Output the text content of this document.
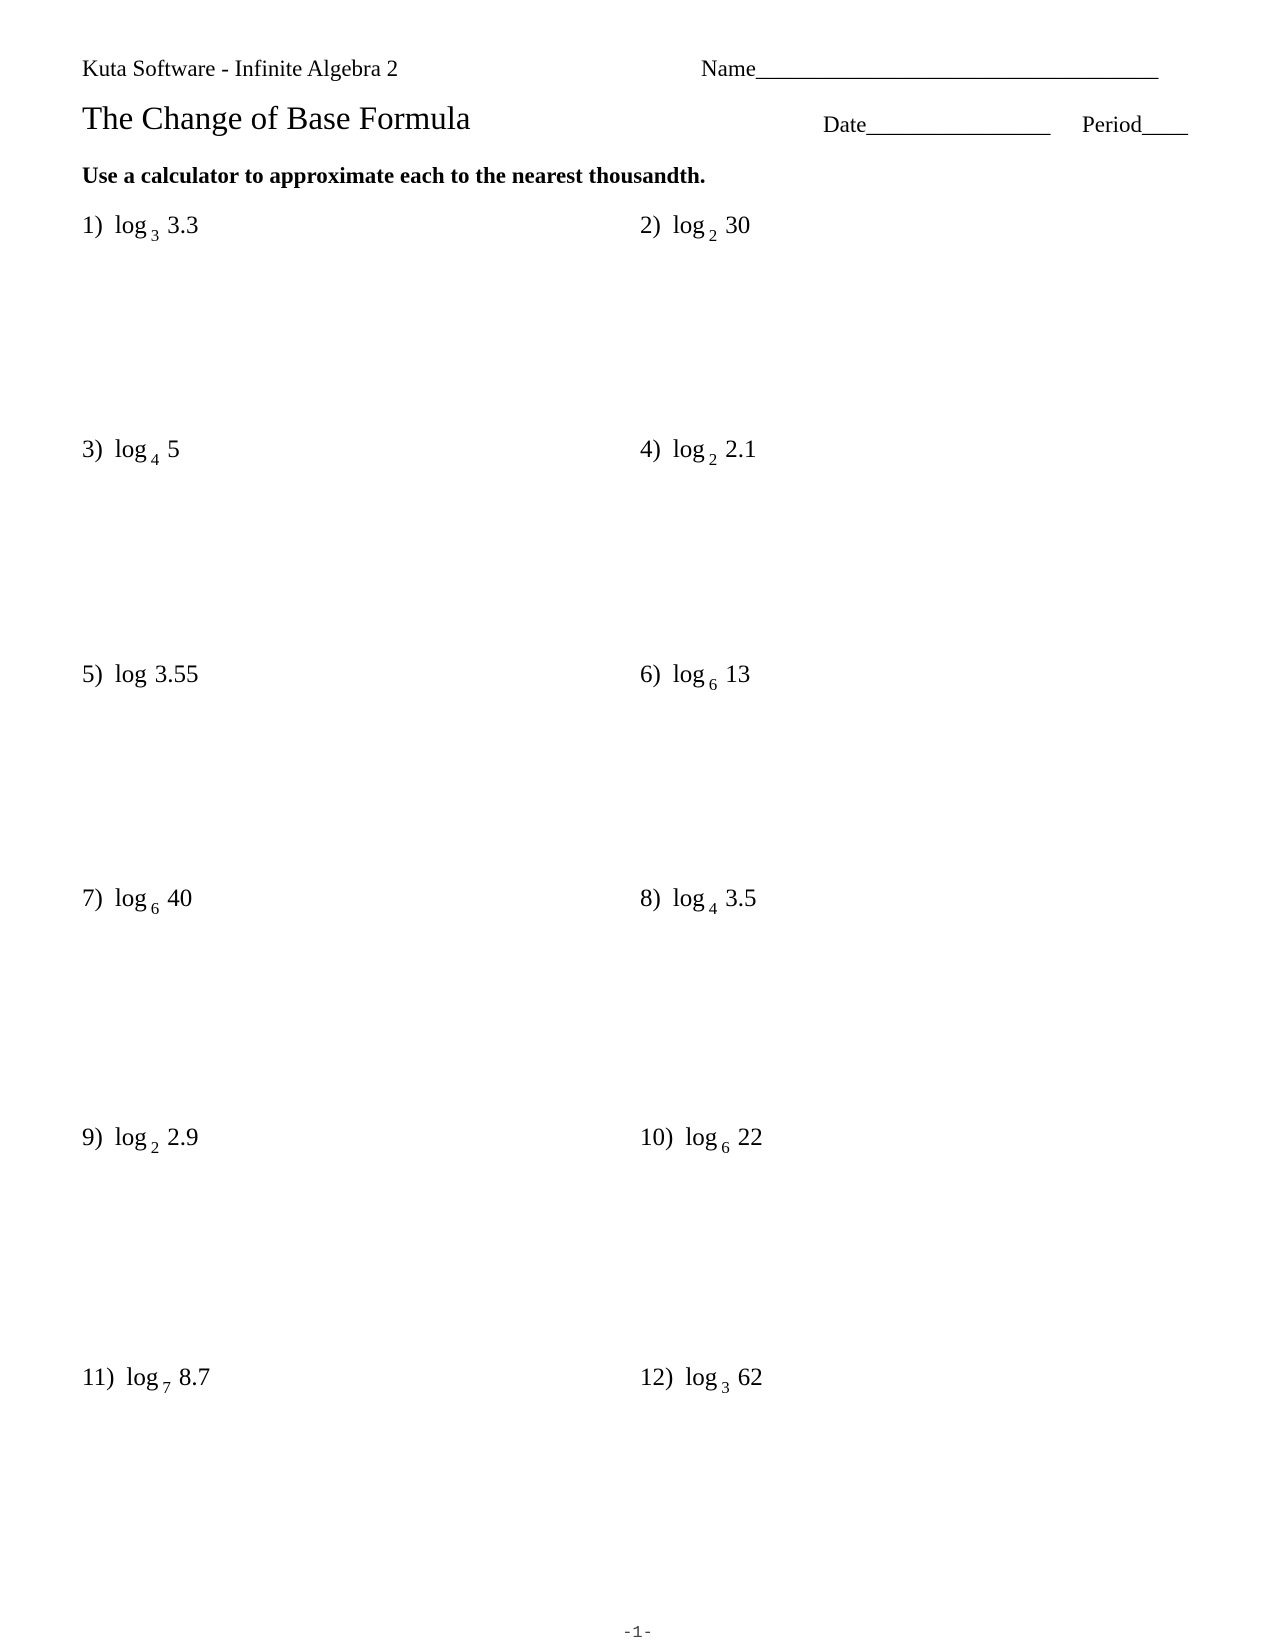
Kuta Software - Infinite Algebra 2	Name___________________________________
The Change of Base Formula	Date________________ Period____
Use a calculator to approximate each to the nearest thousandth.
1) log $_3$ 3.3	2) log $_2$ 30
3) log $_4$ 5	4) log $_2$ 2.1
5) log 3.55	6) log $_6$ 13
7) log $_6$ 40	8) log $_4$ 3.5
9) log $_2$ 2.9	10) log $_6$ 22
11) log $_7$ 8.7	12) log $_3$ 62
-1-
